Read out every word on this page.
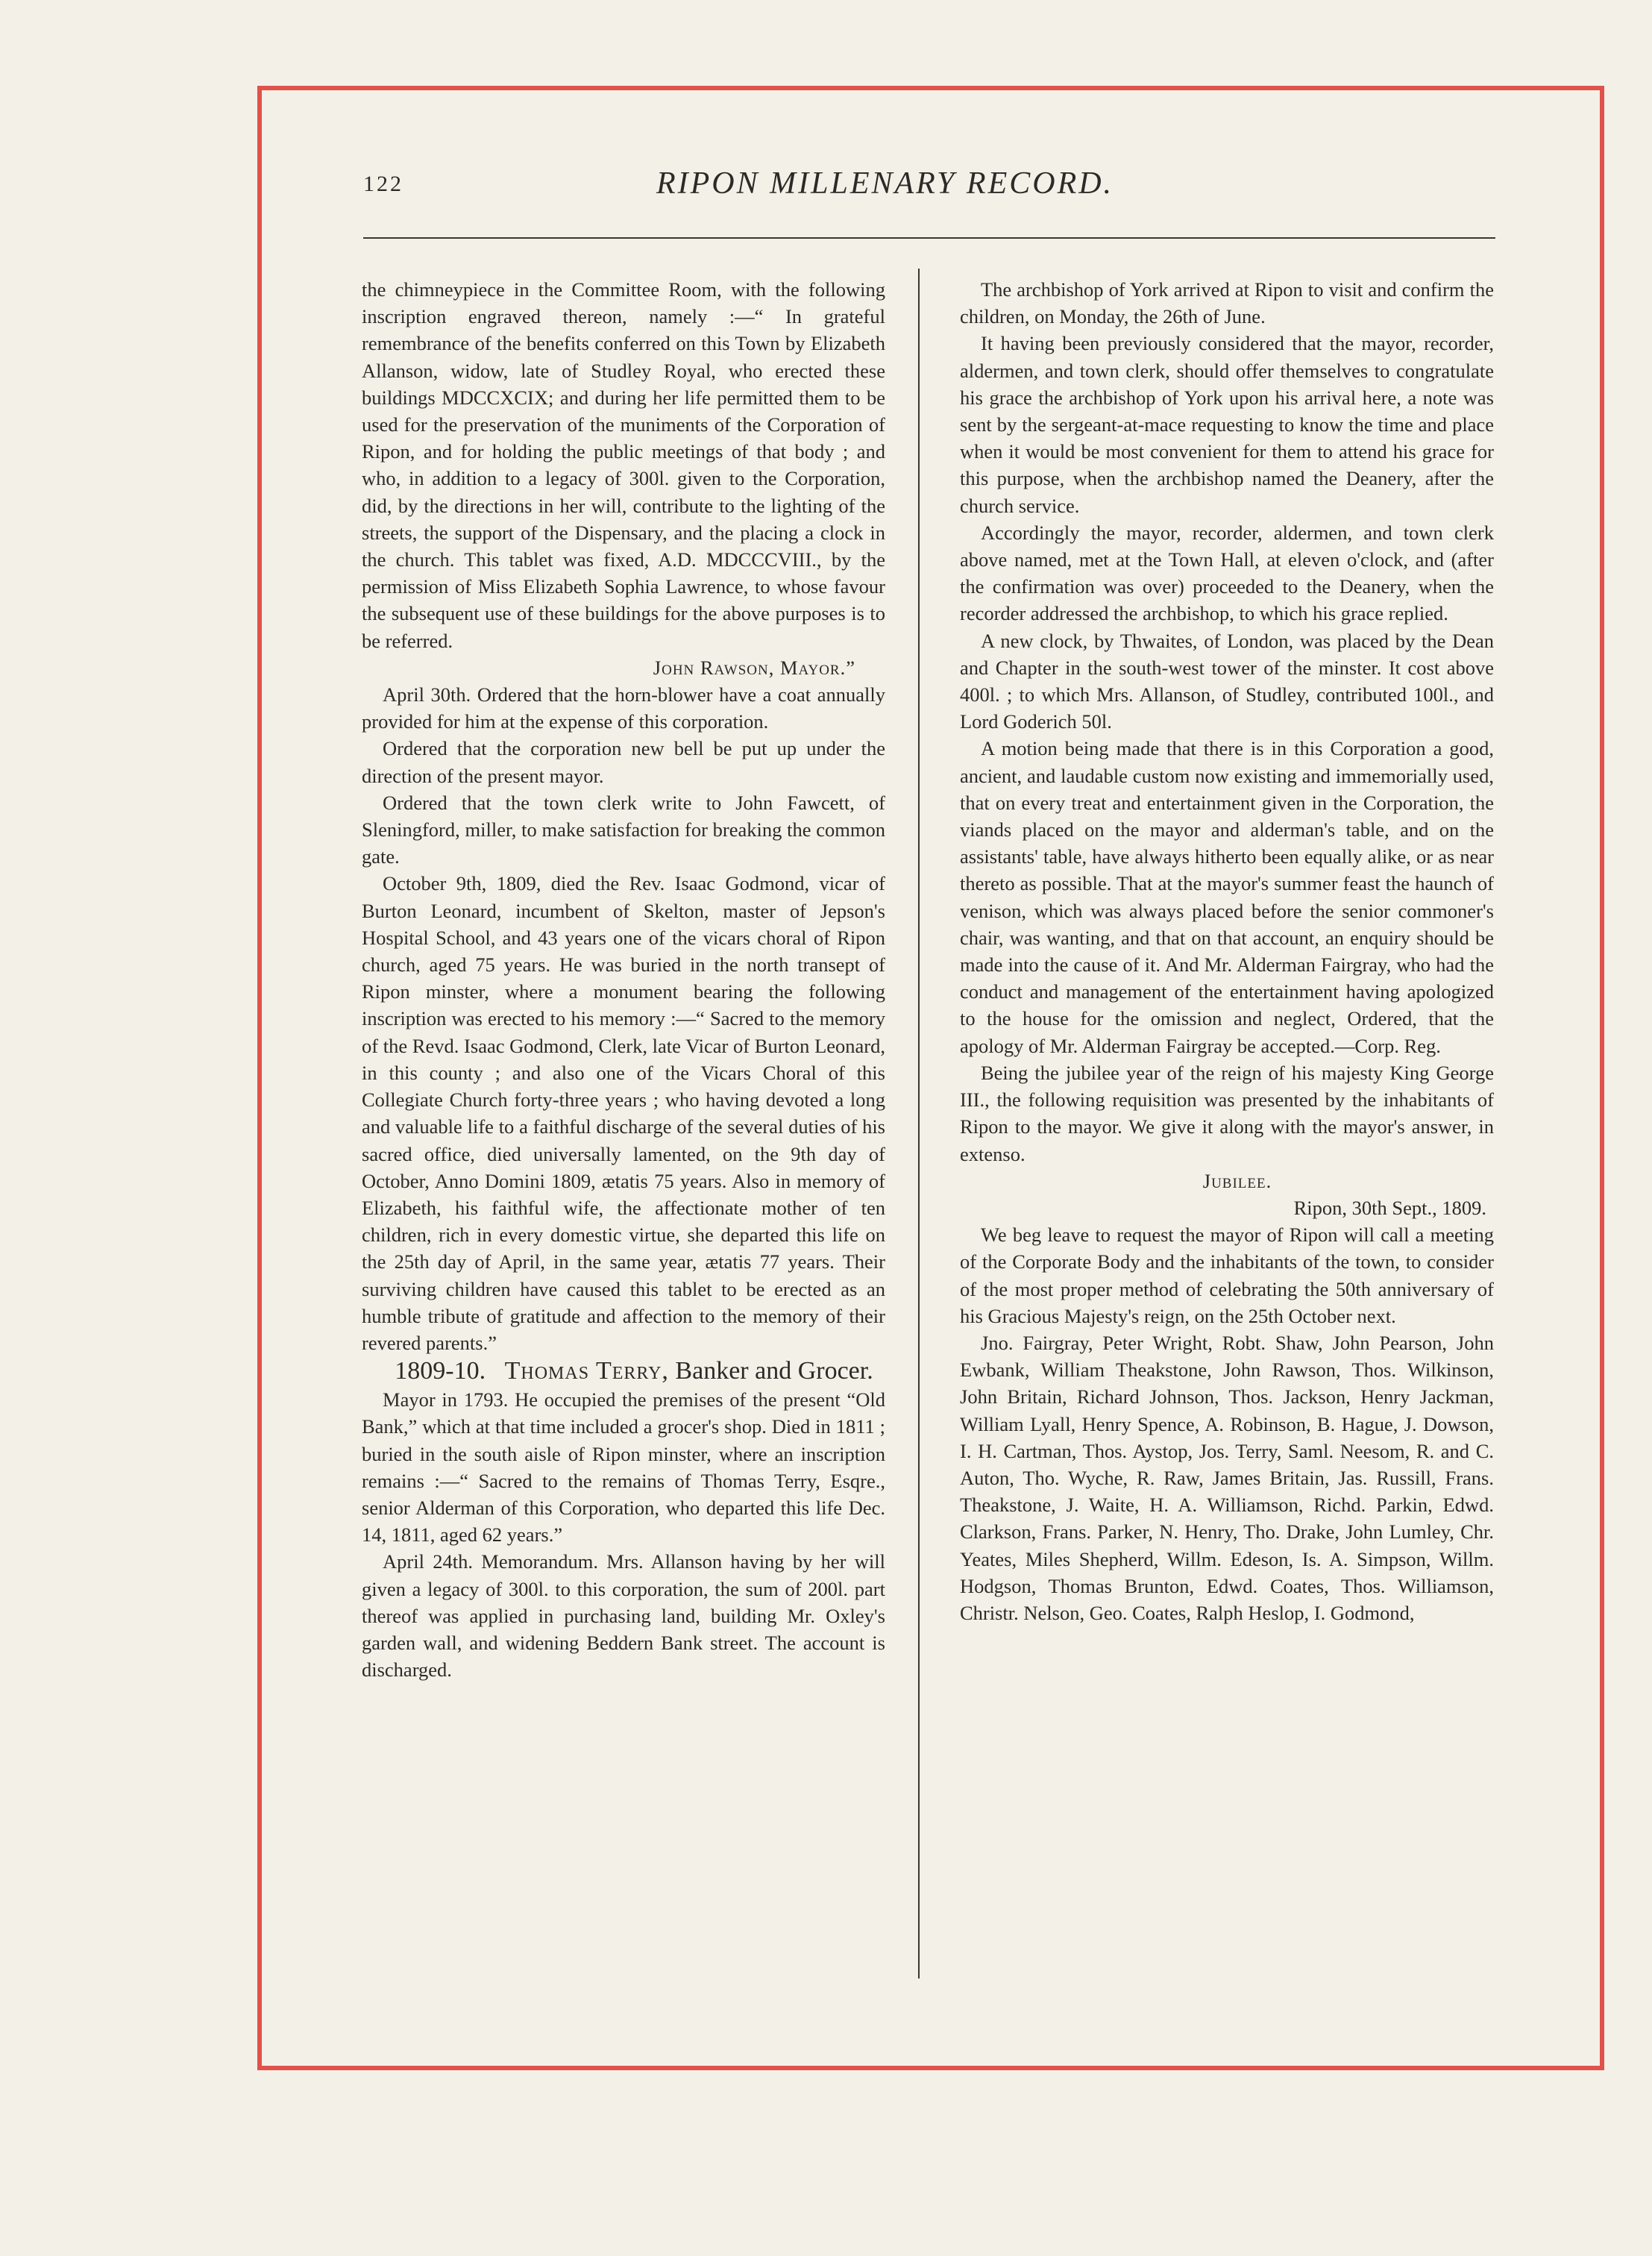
122	RIPON MILLENARY RECORD.

the chimneypiece in the Committee Room, with the following inscription engraved thereon, namely :—“ In grateful remembrance of the benefits conferred on this Town by Elizabeth Allanson, widow, late of Studley Royal, who erected these buildings MDCCXCIX; and during her life permitted them to be used for the preservation of the muniments of the Corporation of Ripon, and for holding the public meetings of that body ; and who, in addition to a legacy of 300l. given to the Corporation, did, by the directions in her will, contribute to the lighting of the streets, the support of the Dispensary, and the placing a clock in the church. This tablet was fixed, A.D. MDCCCVIII., by the permission of Miss Elizabeth Sophia Lawrence, to whose favour the subsequent use of these buildings for the above purposes is to be referred.

John Rawson, Mayor.”

April 30th. Ordered that the horn-blower have a coat annually provided for him at the expense of this corporation.

Ordered that the corporation new bell be put up under the direction of the present mayor.

Ordered that the town clerk write to John Fawcett, of Sleningford, miller, to make satisfaction for breaking the common gate.

October 9th, 1809, died the Rev. Isaac Godmond, vicar of Burton Leonard, incumbent of Skelton, master of Jepson's Hospital School, and 43 years one of the vicars choral of Ripon church, aged 75 years. He was buried in the north transept of Ripon minster, where a monument bearing the following inscription was erected to his memory :—“ Sacred to the memory of the Revd. Isaac Godmond, Clerk, late Vicar of Burton Leonard, in this county ; and also one of the Vicars Choral of this Collegiate Church forty-three years ; who having devoted a long and valuable life to a faithful discharge of the several duties of his sacred office, died universally lamented, on the 9th day of October, Anno Domini 1809, ætatis 75 years. Also in memory of Elizabeth, his faithful wife, the affectionate mother of ten children, rich in every domestic virtue, she departed this life on the 25th day of April, in the same year, ætatis 77 years. Their surviving children have caused this tablet to be erected as an humble tribute of gratitude and affection to the memory of their revered parents.”

1809-10. Thomas Terry, Banker and Grocer.

Mayor in 1793. He occupied the premises of the present “Old Bank,” which at that time included a grocer's shop. Died in 1811 ; buried in the south aisle of Ripon minster, where an inscription remains :—“ Sacred to the remains of Thomas Terry, Esqre., senior Alderman of this Corporation, who departed this life Dec. 14, 1811, aged 62 years.”

April 24th. Memorandum. Mrs. Allanson having by her will given a legacy of 300l. to this corporation, the sum of 200l. part thereof was applied in purchasing land, building Mr. Oxley's garden wall, and widening Beddern Bank street. The account is discharged.

The archbishop of York arrived at Ripon to visit and confirm the children, on Monday, the 26th of June.

It having been previously considered that the mayor, recorder, aldermen, and town clerk, should offer themselves to congratulate his grace the archbishop of York upon his arrival here, a note was sent by the sergeant-at-mace requesting to know the time and place when it would be most convenient for them to attend his grace for this purpose, when the archbishop named the Deanery, after the church service.

Accordingly the mayor, recorder, aldermen, and town clerk above named, met at the Town Hall, at eleven o'clock, and (after the confirmation was over) proceeded to the Deanery, when the recorder addressed the archbishop, to which his grace replied.

A new clock, by Thwaites, of London, was placed by the Dean and Chapter in the south-west tower of the minster. It cost above 400l. ; to which Mrs. Allanson, of Studley, contributed 100l., and Lord Goderich 50l.

A motion being made that there is in this Corporation a good, ancient, and laudable custom now existing and immemorially used, that on every treat and entertainment given in the Corporation, the viands placed on the mayor and alderman's table, and on the assistants' table, have always hitherto been equally alike, or as near thereto as possible. That at the mayor's summer feast the haunch of venison, which was always placed before the senior commoner's chair, was wanting, and that on that account, an enquiry should be made into the cause of it. And Mr. Alderman Fairgray, who had the conduct and management of the entertainment having apologized to the house for the omission and neglect, Ordered, that the apology of Mr. Alderman Fairgray be accepted.—Corp. Reg.

Being the jubilee year of the reign of his majesty King George III., the following requisition was presented by the inhabitants of Ripon to the mayor. We give it along with the mayor's answer, in extenso.

Jubilee.

Ripon, 30th Sept., 1809.

We beg leave to request the mayor of Ripon will call a meeting of the Corporate Body and the inhabitants of the town, to consider of the most proper method of celebrating the 50th anniversary of his Gracious Majesty's reign, on the 25th October next.

Jno. Fairgray, Peter Wright, Robt. Shaw, John Pearson, John Ewbank, William Theakstone, John Rawson, Thos. Wilkinson, John Britain, Richard Johnson, Thos. Jackson, Henry Jackman, William Lyall, Henry Spence, A. Robinson, B. Hague, J. Dowson, I. H. Cartman, Thos. Aystop, Jos. Terry, Saml. Neesom, R. and C. Auton, Tho. Wyche, R. Raw, James Britain, Jas. Russill, Frans. Theakstone, J. Waite, H. A. Williamson, Richd. Parkin, Edwd. Clarkson, Frans. Parker, N. Henry, Tho. Drake, John Lumley, Chr. Yeates, Miles Shepherd, Willm. Edeson, Is. A. Simpson, Willm. Hodgson, Thomas Brunton, Edwd. Coates, Thos. Williamson, Christr. Nelson, Geo. Coates, Ralph Heslop, I. Godmond,
